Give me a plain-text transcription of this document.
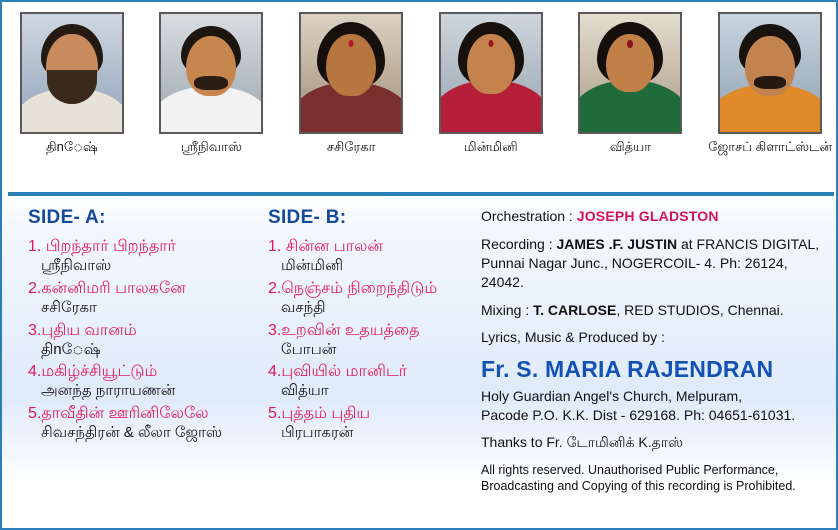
திnேஷ்	ஸ்ரீநிவாஸ்	சசிரேகா	மின்மினி	வித்யா	ஜோசப் கிளாட்ஸ்டன்
SIDE- A:
1. பிறந்தார் பிறந்தார்
ஸ்ரீநிவாஸ்
2.கன்னிமரி பாலகனே
சசிரேகா
3.புதிய வானம்
திnேஷ்
4.மகிழ்ச்சியூட்டும்
அனந்த நாராயணன்
5.தாவீதின் ஊரினிலேலே
சிவசந்திரன் & லீலா ஜோஸ்
SIDE- B:
1. சின்ன பாலன்
மின்மினி
2.நெஞ்சம் நிறைந்திடும்
வசந்தி
3.உறவின் உதயத்தை
போபன்
4.புவியில் மானிடர்
வித்யா
5.புத்தம் புதிய
பிரபாகரன்
Orchestration : JOSEPH GLADSTON
Recording : JAMES .F. JUSTIN at FRANCIS DIGITAL,
Punnai Nagar Junc., NOGERCOIL- 4. Ph: 26124, 24042.
Mixing : T. CARLOSE, RED STUDIOS, Chennai.
Lyrics, Music & Produced by :
Fr. S. MARIA RAJENDRAN
Holy Guardian Angel's Church, Melpuram,
Pacode P.O. K.K. Dist - 629168. Ph: 04651-61031.
Thanks to Fr. டோமினிக் K.தாஸ்
All rights reserved. Unauthorised Public Performance,
Broadcasting and Copying of this recording is Prohibited.
